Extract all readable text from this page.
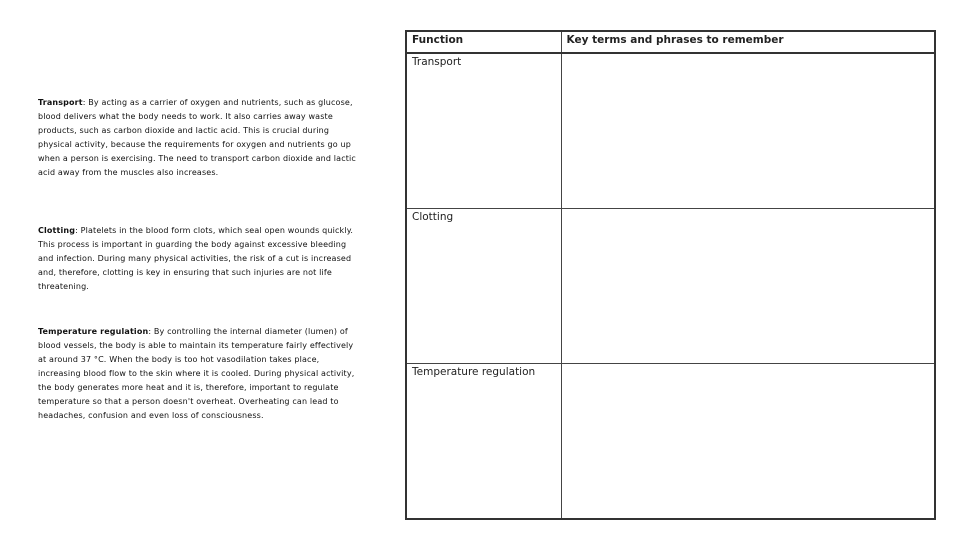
Transport: By acting as a carrier of oxygen and nutrients, such as glucose, blood delivers what the body needs to work. It also carries away waste products, such as carbon dioxide and lactic acid. This is crucial during physical activity, because the requirements for oxygen and nutrients go up when a person is exercising. The need to transport carbon dioxide and lactic acid away from the muscles also increases.
Clotting: Platelets in the blood form clots, which seal open wounds quickly. This process is important in guarding the body against excessive bleeding and infection. During many physical activities, the risk of a cut is increased and, therefore, clotting is key in ensuring that such injuries are not life threatening.
Temperature regulation: By controlling the internal diameter (lumen) of blood vessels, the body is able to maintain its temperature fairly effectively at around 37 °C. When the body is too hot vasodilation takes place, increasing blood flow to the skin where it is cooled. During physical activity, the body generates more heat and it is, therefore, important to regulate temperature so that a person doesn't overheat. Overheating can lead to headaches, confusion and even loss of consciousness.
Function	Key terms and phrases to remember
Transport	
Clotting	
Temperature regulation	
